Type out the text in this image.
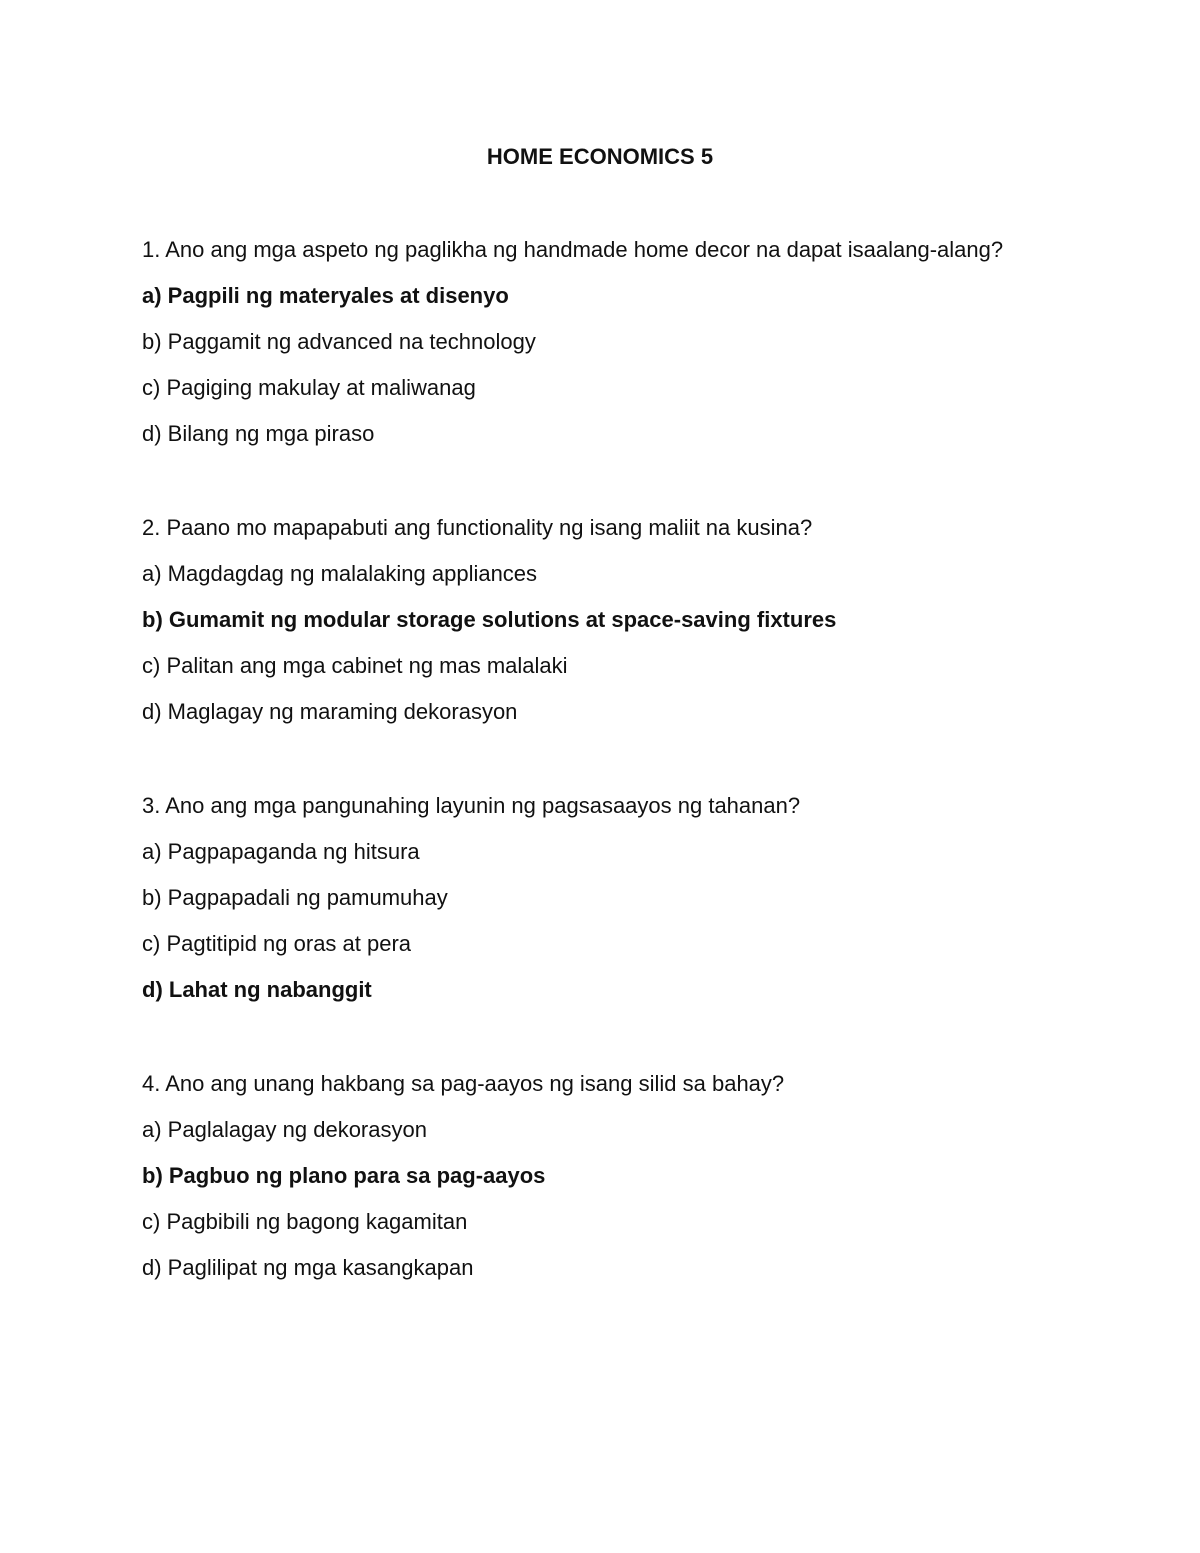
HOME ECONOMICS 5

1. Ano ang mga aspeto ng paglikha ng handmade home decor na dapat isaalang-alang?

a) Pagpili ng materyales at disenyo

b) Paggamit ng advanced na technology

c) Pagiging makulay at maliwanag

d) Bilang ng mga piraso

2. Paano mo mapapabuti ang functionality ng isang maliit na kusina?

a) Magdagdag ng malalaking appliances

b) Gumamit ng modular storage solutions at space-saving fixtures

c) Palitan ang mga cabinet ng mas malalaki

d) Maglagay ng maraming dekorasyon

3. Ano ang mga pangunahing layunin ng pagsasaayos ng tahanan?

a) Pagpapaganda ng hitsura

b) Pagpapadali ng pamumuhay

c) Pagtitipid ng oras at pera

d) Lahat ng nabanggit

4. Ano ang unang hakbang sa pag-aayos ng isang silid sa bahay?

a) Paglalagay ng dekorasyon

b) Pagbuo ng plano para sa pag-aayos

c) Pagbibili ng bagong kagamitan

d) Paglilipat ng mga kasangkapan
